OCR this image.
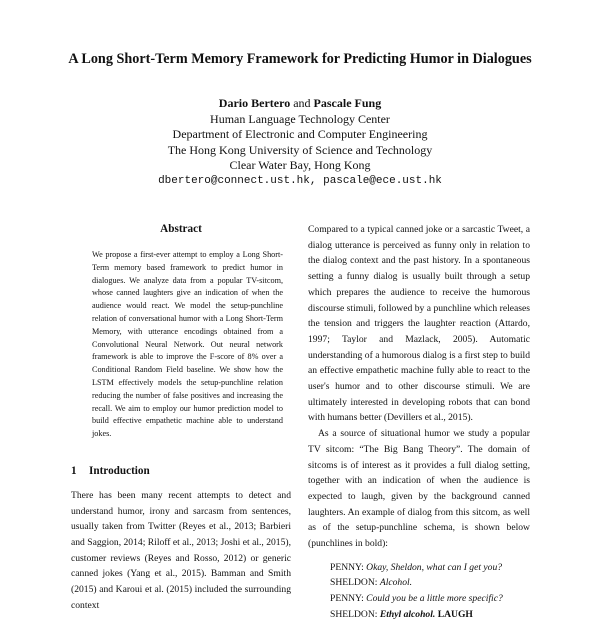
A Long Short-Term Memory Framework for Predicting Humor in Dialogues
Dario Bertero and Pascale Fung
Human Language Technology Center
Department of Electronic and Computer Engineering
The Hong Kong University of Science and Technology
Clear Water Bay, Hong Kong
dbertero@connect.ust.hk, pascale@ece.ust.hk
Abstract

We propose a first-ever attempt to employ a Long Short-Term memory based framework to predict humor in dialogues. We analyze data from a popular TV-sitcom, whose canned laughters give an indication of when the audience would react. We model the setup-punchline relation of conversational humor with a Long Short-Term Memory, with utterance encodings obtained from a Convolutional Neural Network. Out neural network framework is able to improve the F-score of 8% over a Conditional Random Field baseline. We show how the LSTM effectively models the setup-punchline relation reducing the number of false positives and increasing the recall. We aim to employ our humor prediction model to build effective empathetic machine able to understand jokes.

1 Introduction

There has been many recent attempts to detect and understand humor, irony and sarcasm from sentences, usually taken from Twitter (Reyes et al., 2013; Barbieri and Saggion, 2014; Riloff et al., 2013; Joshi et al., 2015), customer reviews (Reyes and Rosso, 2012) or generic canned jokes (Yang et al., 2015). Bamman and Smith (2015) and Karoui et al. (2015) included the surrounding context

Compared to a typical canned joke or a sarcastic Tweet, a dialog utterance is perceived as funny only in relation to the dialog context and the past history. In a spontaneous setting a funny dialog is usually built through a setup which prepares the audience to receive the humorous discourse stimuli, followed by a punchline which releases the tension and triggers the laughter reaction (Attardo, 1997; Taylor and Mazlack, 2005). Automatic understanding of a humorous dialog is a first step to build an effective empathetic machine fully able to react to the user's humor and to other discourse stimuli. We are ultimately interested in developing robots that can bond with humans better (Devillers et al., 2015).

As a source of situational humor we study a popular TV sitcom: “The Big Bang Theory”. The domain of sitcoms is of interest as it provides a full dialog setting, together with an indication of when the audience is expected to laugh, given by the background canned laughters. An example of dialog from this sitcom, as well as of the setup-punchline schema, is shown below (punchlines in bold):

PENNY: Okay, Sheldon, what can I get you?
SHELDON: Alcohol.
PENNY: Could you be a little more specific?
SHELDON: Ethyl alcohol. LAUGH
